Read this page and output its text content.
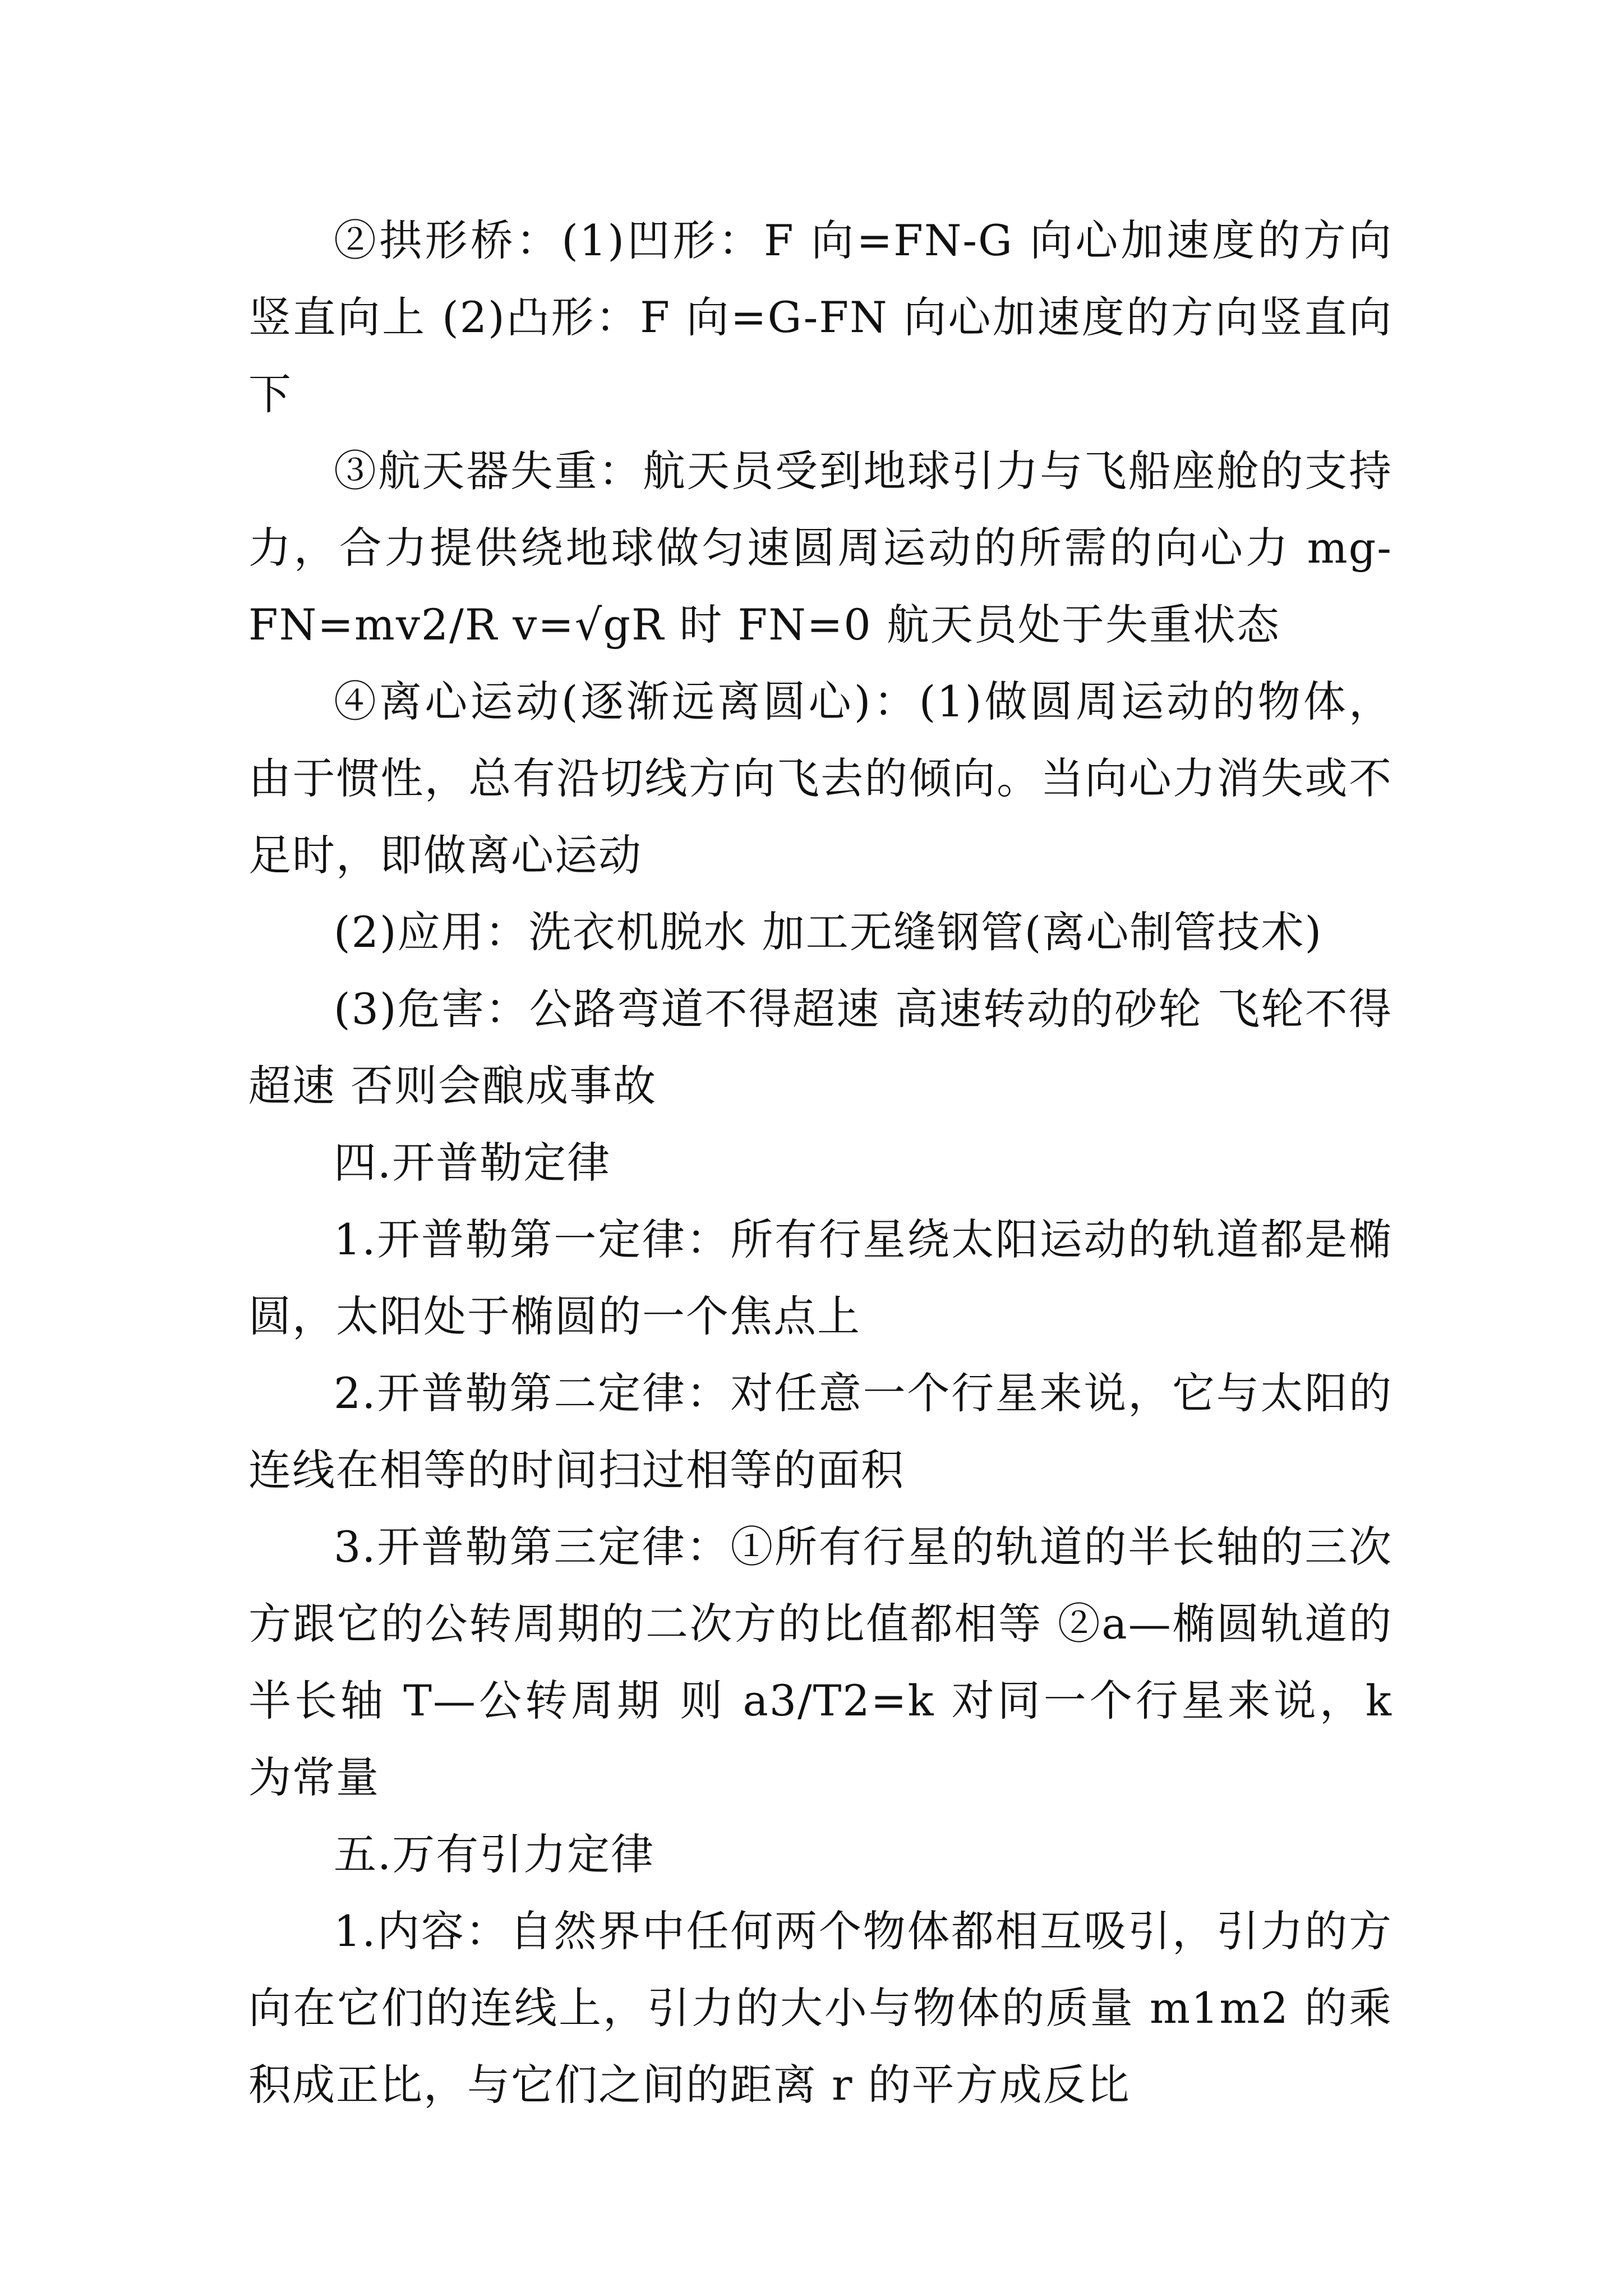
②拱形桥：(1)凹形：F 向=FN-G 向心加速度的方向竖直向上 (2)凸形：F 向=G-FN 向心加速度的方向竖直向下

③航天器失重：航天员受到地球引力与飞船座舱的支持力，合力提供绕地球做匀速圆周运动的所需的向心力 mg-FN=mv2/R v=√gR 时 FN=0 航天员处于失重状态

④离心运动(逐渐远离圆心)：(1)做圆周运动的物体，由于惯性，总有沿切线方向飞去的倾向。当向心力消失或不足时，即做离心运动

(2)应用：洗衣机脱水 加工无缝钢管(离心制管技术)

(3)危害：公路弯道不得超速 高速转动的砂轮 飞轮不得超速 否则会酿成事故

四.开普勒定律

1.开普勒第一定律：所有行星绕太阳运动的轨道都是椭圆，太阳处于椭圆的一个焦点上

2.开普勒第二定律：对任意一个行星来说，它与太阳的连线在相等的时间扫过相等的面积

3.开普勒第三定律：①所有行星的轨道的半长轴的三次方跟它的公转周期的二次方的比值都相等 ②a—椭圆轨道的半长轴 T—公转周期 则 a3/T2=k 对同一个行星来说，k 为常量

五.万有引力定律

1.内容：自然界中任何两个物体都相互吸引，引力的方向在它们的连线上，引力的大小与物体的质量 m1m2 的乘积成正比，与它们之间的距离 r 的平方成反比
